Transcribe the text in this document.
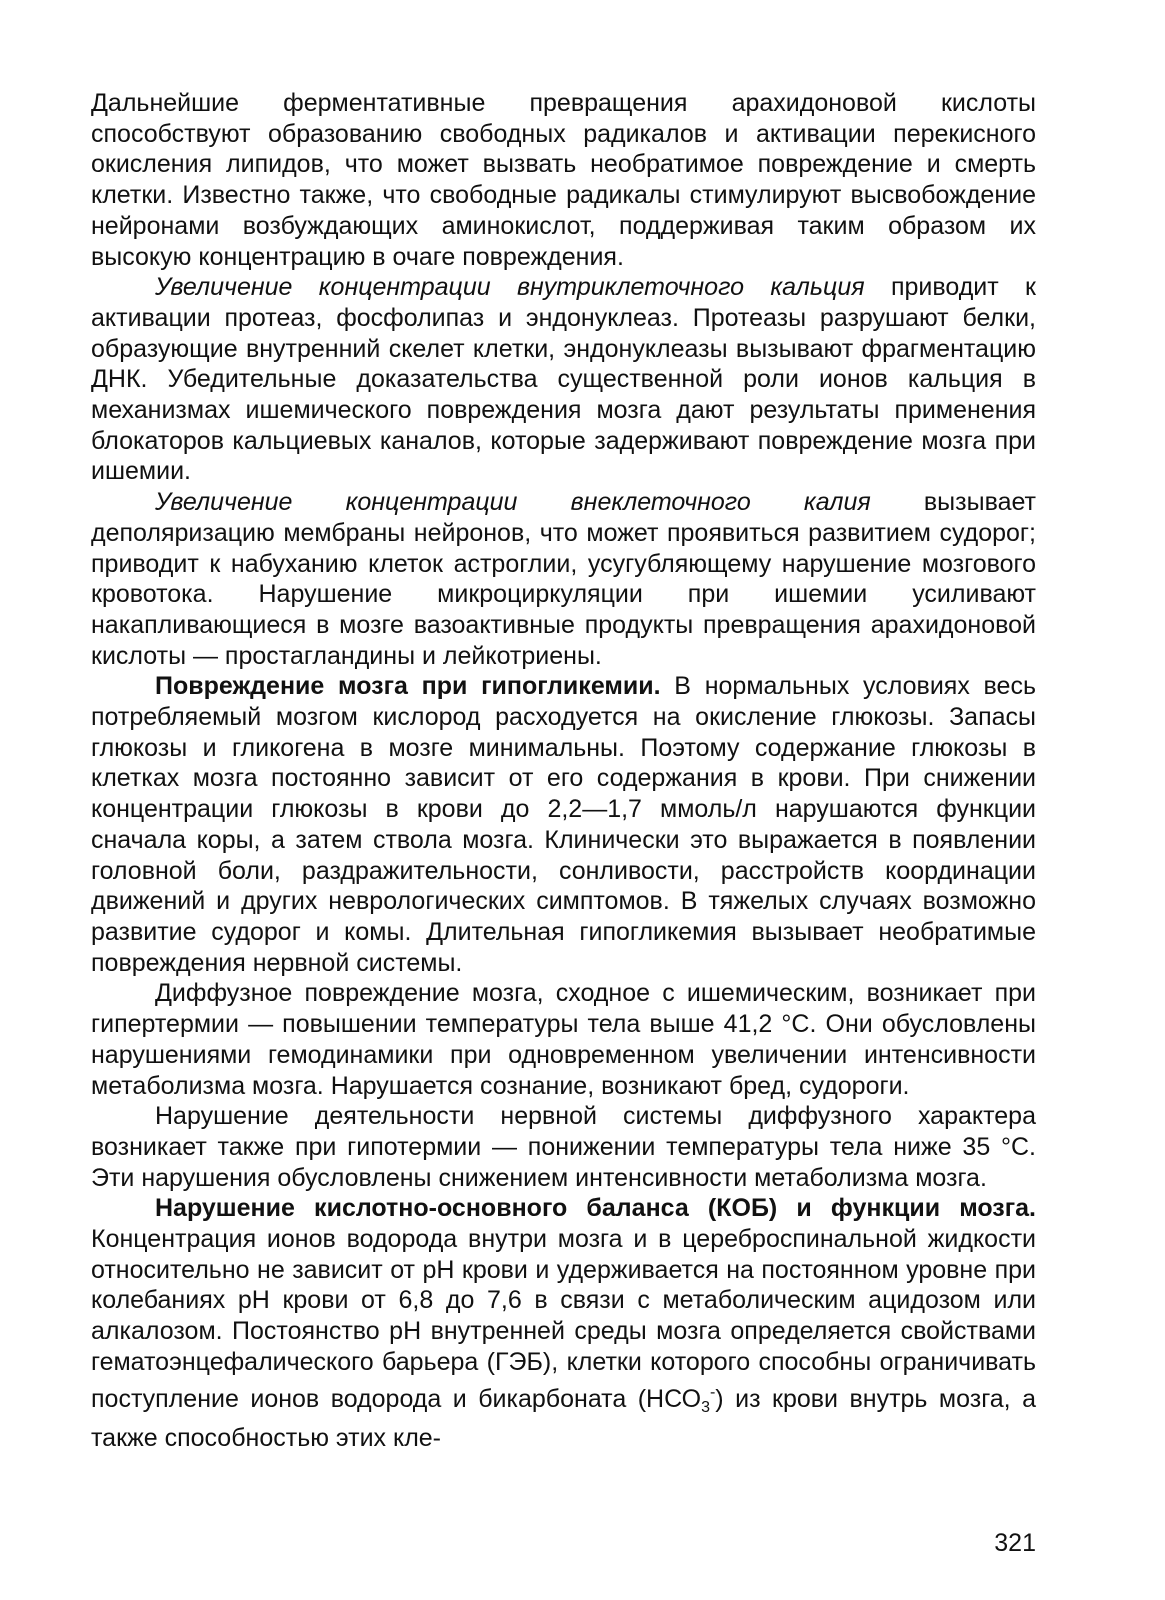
Дальнейшие ферментативные превращения арахидоновой кислоты способствуют образованию свободных радикалов и активации перекисного окисления липидов, что может вызвать необратимое повреждение и смерть клетки. Известно также, что свободные радикалы стимулируют высвобождение нейронами возбуждающих аминокислот, поддерживая таким образом их высокую концентрацию в очаге повреждения.

Увеличение концентрации внутриклеточного кальция приводит к активации протеаз, фосфолипаз и эндонуклеаз. Протеазы разрушают белки, образующие внутренний скелет клетки, эндонуклеазы вызывают фрагментацию ДНК. Убедительные доказательства существенной роли ионов кальция в механизмах ишемического повреждения мозга дают результаты применения блокаторов кальциевых каналов, которые задерживают повреждение мозга при ишемии.

Увеличение концентрации внеклеточного калия вызывает деполяризацию мембраны нейронов, что может проявиться развитием судорог; приводит к набуханию клеток астроглии, усугубляющему нарушение мозгового кровотока. Нарушение микроциркуляции при ишемии усиливают накапливающиеся в мозге вазоактивные продукты превращения арахидоновой кислоты — простагландины и лейкотриены.

Повреждение мозга при гипогликемии. В нормальных условиях весь потребляемый мозгом кислород расходуется на окисление глюкозы. Запасы глюкозы и гликогена в мозге минимальны. Поэтому содержание глюкозы в клетках мозга постоянно зависит от его содержания в крови. При снижении концентрации глюкозы в крови до 2,2—1,7 ммоль/л нарушаются функции сначала коры, а затем ствола мозга. Клинически это выражается в появлении головной боли, раздражительности, сонливости, расстройств координации движений и других неврологических симптомов. В тяжелых случаях возможно развитие судорог и комы. Длительная гипогликемия вызывает необратимые повреждения нервной системы.

Диффузное повреждение мозга, сходное с ишемическим, возникает при гипертермии — повышении температуры тела выше 41,2 °С. Они обусловлены нарушениями гемодинамики при одновременном увеличении интенсивности метаболизма мозга. Нарушается сознание, возникают бред, судороги.

Нарушение деятельности нервной системы диффузного характера возникает также при гипотермии — понижении температуры тела ниже 35 °С. Эти нарушения обусловлены снижением интенсивности метаболизма мозга.

Нарушение кислотно-основного баланса (КОБ) и функции мозга. Концентрация ионов водорода внутри мозга и в цереброспинальной жидкости относительно не зависит от рН крови и удерживается на постоянном уровне при колебаниях рН крови от 6,8 до 7,6 в связи с метаболическим ацидозом или алкалозом. Постоянство рН внутренней среды мозга определяется свойствами гематоэнцефалического барьера (ГЭБ), клетки которого способны ограничивать поступление ионов водорода и бикарбоната $(НСО_3^-)$ из крови внутрь мозга, а также способностью этих кле-

321
